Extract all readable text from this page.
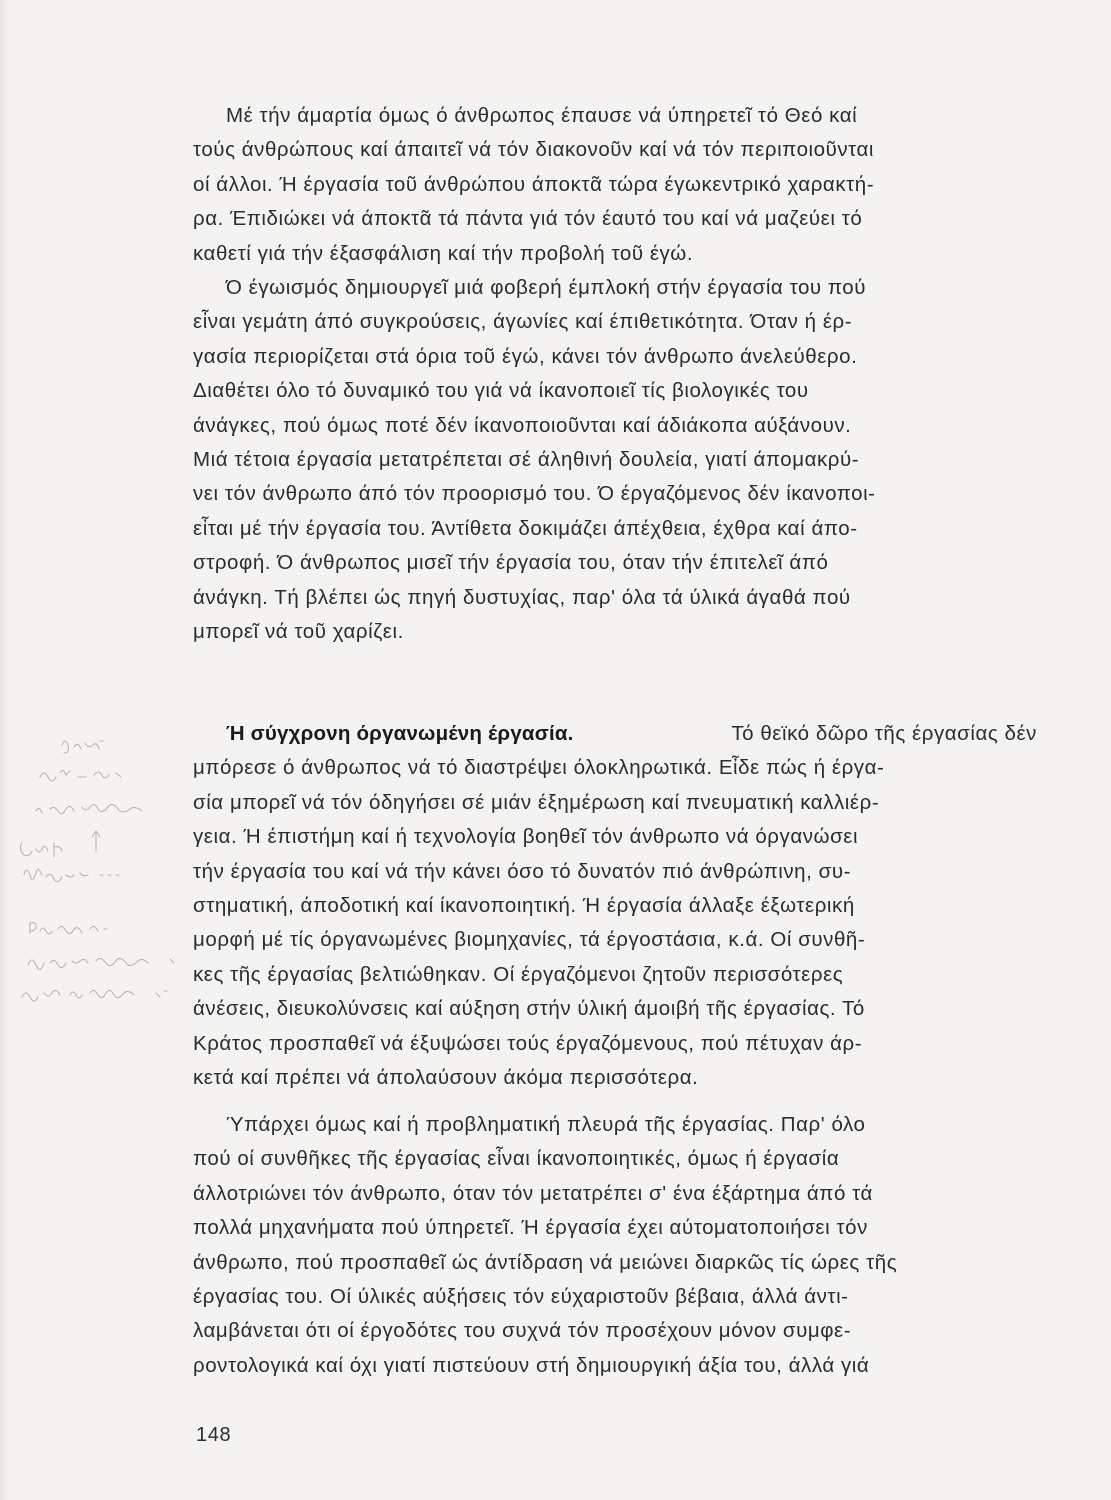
Μέ τήν άμαρτία όμως ό άνθρωπος έπαυσε νά ύπηρετεῖ τό Θεό καί
τούς άνθρώπους καί άπαιτεῖ νά τόν διακονοῦν καί νά τόν περιποιοῦνται
οί άλλοι. Ή έργασία τοῦ άνθρώπου άποκτᾶ τώρα έγωκεντρικό χαρακτή-
ρα. Έπιδιώκει νά άποκτᾶ τά πάντα γιά τόν έαυτό του καί νά μαζεύει τό
καθετί γιά τήν έξασφάλιση καί τήν προβολή τοῦ έγώ.
Ό έγωισμός δημιουργεῖ μιά φοβερή έμπλοκή στήν έργασία του πού
εἶναι γεμάτη άπό συγκρούσεις, άγωνίες καί έπιθετικότητα. Όταν ή έρ-
γασία περιορίζεται στά όρια τοῦ έγώ, κάνει τόν άνθρωπο άνελεύθερο.
Διαθέτει όλο τό δυναμικό του γιά νά ίκανοποιεῖ τίς βιολογικές του
άνάγκες, πού όμως ποτέ δέν ίκανοποιοῦνται καί άδιάκοπα αύξάνουν.
Μιά τέτοια έργασία μετατρέπεται σέ άληθινή δουλεία, γιατί άπομακρύ-
νει τόν άνθρωπο άπό τόν προορισμό του. Ό έργαζόμενος δέν ίκανοποι-
εἶται μέ τήν έργασία του. Άντίθετα δοκιμάζει άπέχθεια, έχθρα καί άπο-
στροφή. Ό άνθρωπος μισεῖ τήν έργασία του, όταν τήν έπιτελεῖ άπό
άνάγκη. Τή βλέπει ώς πηγή δυστυχίας, παρ' όλα τά ύλικά άγαθά πού
μπορεῖ νά τοῦ χαρίζει.
Ή σύγχρονη όργανωμένη έργασία.	Τό θεϊκό δῶρο τῆς έργασίας δέν
μπόρεσε ό άνθρωπος νά τό διαστρέψει όλοκληρωτικά. Εἶδε πώς ή έργα-
σία μπορεῖ νά τόν όδηγήσει σέ μιάν έξημέρωση καί πνευματική καλλιέρ-
γεια. Ή έπιστήμη καί ή τεχνολογία βοηθεῖ τόν άνθρωπο νά όργανώσει
τήν έργασία του καί νά τήν κάνει όσο τό δυνατόν πιό άνθρώπινη, συ-
στηματική, άποδοτική καί ίκανοποιητική. Ή έργασία άλλαξε έξωτερική
μορφή μέ τίς όργανωμένες βιομηχανίες, τά έργοστάσια, κ.ά. Οί συνθῆ-
κες τῆς έργασίας βελτιώθηκαν. Οί έργαζόμενοι ζητοῦν περισσότερες
άνέσεις, διευκολύνσεις καί αύξηση στήν ύλική άμοιβή τῆς έργασίας. Τό
Κράτος προσπαθεῖ νά έξυψώσει τούς έργαζόμενους, πού πέτυχαν άρ-
κετά καί πρέπει νά άπολαύσουν άκόμα περισσότερα.
Ύπάρχει όμως καί ή προβληματική πλευρά τῆς έργασίας. Παρ' όλο
πού οί συνθῆκες τῆς έργασίας εἶναι ίκανοποιητικές, όμως ή έργασία
άλλοτριώνει τόν άνθρωπο, όταν τόν μετατρέπει σ' ένα έξάρτημα άπό τά
πολλά μηχανήματα πού ύπηρετεῖ. Ή έργασία έχει αύτοματοποιήσει τόν
άνθρωπο, πού προσπαθεῖ ώς άντίδραση νά μειώνει διαρκῶς τίς ώρες τῆς
έργασίας του. Οί ύλικές αύξήσεις τόν εύχαριστοῦν βέβαια, άλλά άντι-
λαμβάνεται ότι οί έργοδότες του συχνά τόν προσέχουν μόνον συμφε-
ροντολογικά καί όχι γιατί πιστεύουν στή δημιουργική άξία του, άλλά γιά
148
